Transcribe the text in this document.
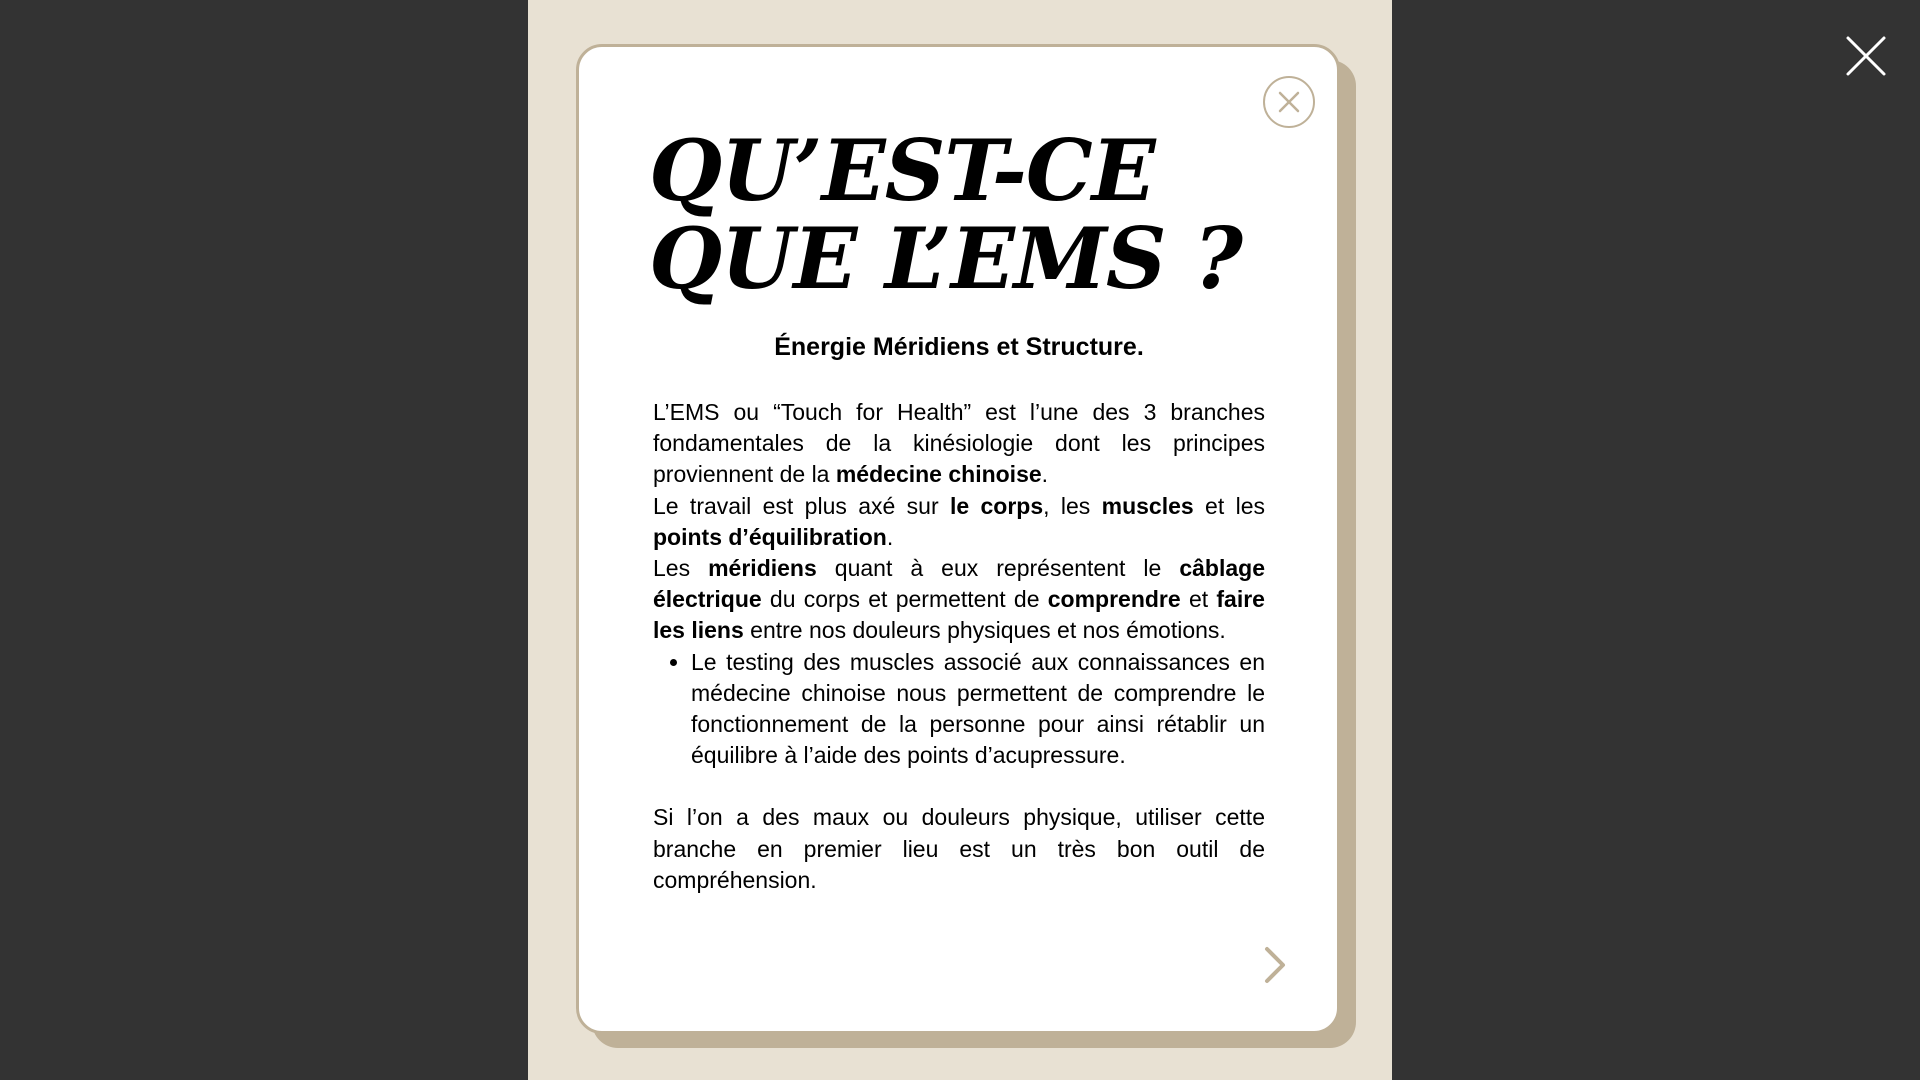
QU’EST-CE
QUE L’EMS ?
Énergie Méridiens et Structure.

L’EMS ou “Touch for Health” est l’une des 3 branches fondamentales de la kinésiologie dont les principes proviennent de la médecine chinoise.

Le travail est plus axé sur le corps, les muscles et les points d’équilibration.

Les méridiens quant à eux représentent le câblage électrique du corps et permettent de comprendre et faire les liens entre nos douleurs physiques et nos émotions.

• Le testing des muscles associé aux connaissances en médecine chinoise nous permettent de comprendre le fonctionnement de la personne pour ainsi rétablir un équilibre à l’aide des points d’acupressure.

Si l’on a des maux ou douleurs physique, utiliser cette branche en premier lieu est un très bon outil de compréhension.
